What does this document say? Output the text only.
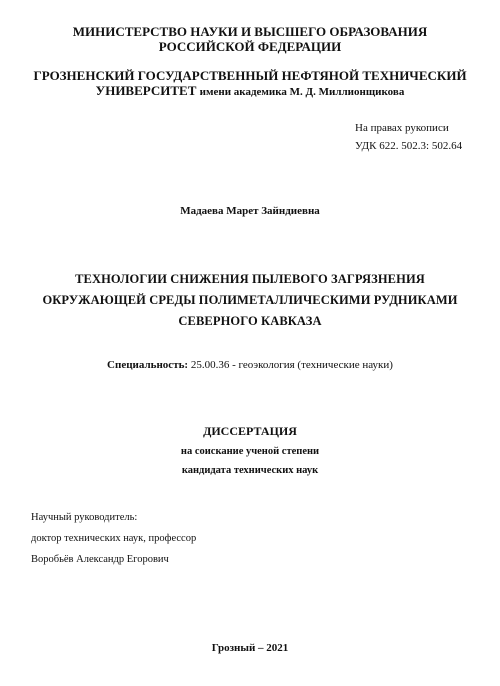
МИНИСТЕРСТВО НАУКИ И ВЫСШЕГО ОБРАЗОВАНИЯ
РОССИЙСКОЙ ФЕДЕРАЦИИ
ГРОЗНЕНСКИЙ ГОСУДАРСТВЕННЫЙ НЕФТЯНОЙ ТЕХНИЧЕСКИЙ
УНИВЕРСИТЕТ имени академика М. Д. Миллионщикова
На правах рукописи
УДК 622. 502.3: 502.64
Мадаева Марет Зайндиевна
ТЕХНОЛОГИИ СНИЖЕНИЯ ПЫЛЕВОГО ЗАГРЯЗНЕНИЯ
ОКРУЖАЮЩЕЙ СРЕДЫ ПОЛИМЕТАЛЛИЧЕСКИМИ РУДНИКАМИ
СЕВЕРНОГО КАВКАЗА
Специальность: 25.00.36 - геоэкология (технические науки)
ДИССЕРТАЦИЯ
на соискание ученой степени
кандидата технических наук
Научный руководитель:
доктор технических наук, профессор
Воробьёв Александр Егорович
Грозный – 2021
